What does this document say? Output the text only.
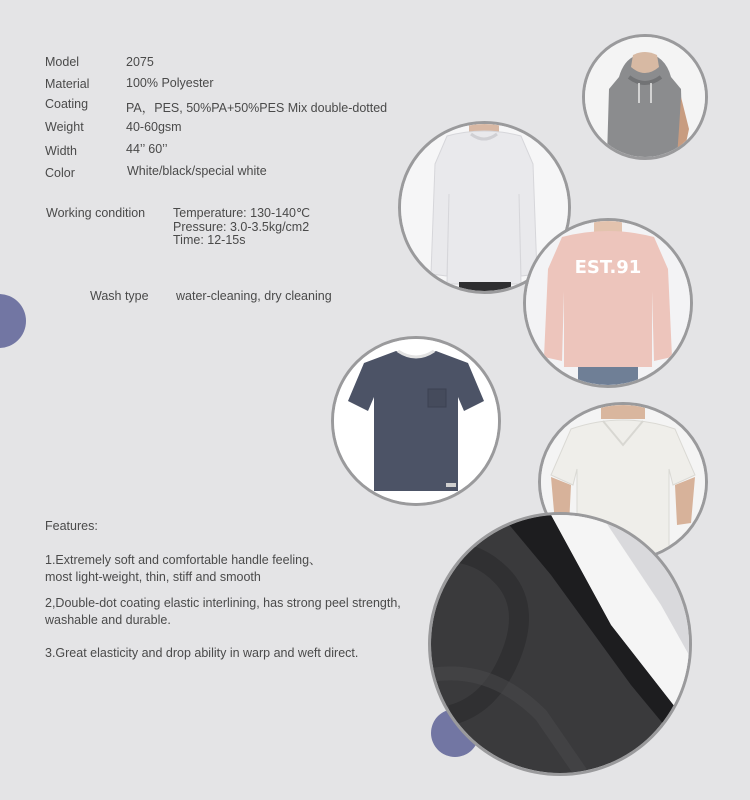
Model	2075
Material	100% Polyester
Coating	PA，PES, 50%PA+50%PES Mix double-dotted
Weight	40-60gsm
Width	44’’ 60’’
Color	White/black/special white
Working condition Temperature: 130-140℃
Pressure: 3.0-3.5kg/cm2
Time: 12-15s
Wash type water-cleaning, dry cleaning
Features:
1.Extremely soft and comfortable handle feeling、
most light-weight, thin, stiff and smooth
2,Double-dot coating elastic interlining, has strong peel strength,
washable and durable.
3.Great elasticity and drop ability in warp and weft direct.
EST.91
